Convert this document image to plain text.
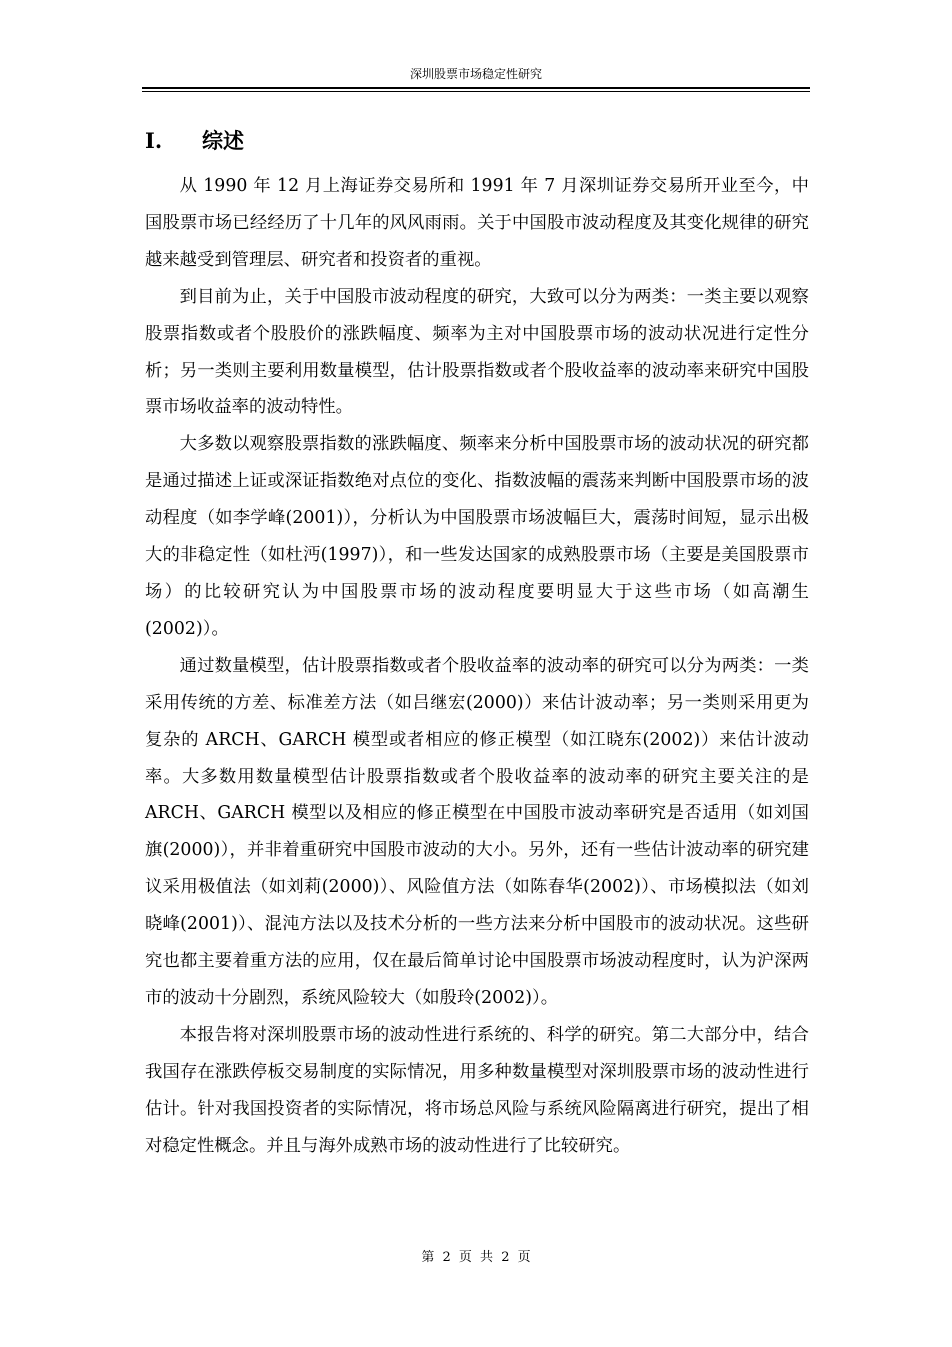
深圳股票市场稳定性研究
I. 综述

从 1990 年 12 月上海证券交易所和 1991 年 7 月深圳证券交易所开业至今，中国股票市场已经经历了十几年的风风雨雨。关于中国股市波动程度及其变化规律的研究越来越受到管理层、研究者和投资者的重视。

到目前为止，关于中国股市波动程度的研究，大致可以分为两类：一类主要以观察股票指数或者个股股价的涨跌幅度、频率为主对中国股票市场的波动状况进行定性分析；另一类则主要利用数量模型，估计股票指数或者个股收益率的波动率来研究中国股票市场收益率的波动特性。

大多数以观察股票指数的涨跌幅度、频率来分析中国股票市场的波动状况的研究都是通过描述上证或深证指数绝对点位的变化、指数波幅的震荡来判断中国股票市场的波动程度（如李学峰(2001)），分析认为中国股票市场波幅巨大，震荡时间短，显示出极大的非稳定性（如杜沔(1997)），和一些发达国家的成熟股票市场（主要是美国股票市场）的比较研究认为中国股票市场的波动程度要明显大于这些市场（如高潮生(2002)）。

通过数量模型，估计股票指数或者个股收益率的波动率的研究可以分为两类：一类采用传统的方差、标准差方法（如吕继宏(2000)）来估计波动率；另一类则采用更为复杂的 ARCH、GARCH 模型或者相应的修正模型（如江晓东(2002)）来估计波动率。大多数用数量模型估计股票指数或者个股收益率的波动率的研究主要关注的是 ARCH、GARCH 模型以及相应的修正模型在中国股市波动率研究是否适用（如刘国旗(2000)），并非着重研究中国股市波动的大小。另外，还有一些估计波动率的研究建议采用极值法（如刘莉(2000)）、风险值方法（如陈春华(2002)）、市场模拟法（如刘晓峰(2001)）、混沌方法以及技术分析的一些方法来分析中国股市的波动状况。这些研究也都主要着重方法的应用，仅在最后简单讨论中国股票市场波动程度时，认为沪深两市的波动十分剧烈，系统风险较大（如殷玲(2002)）。

本报告将对深圳股票市场的波动性进行系统的、科学的研究。第二大部分中，结合我国存在涨跌停板交易制度的实际情况，用多种数量模型对深圳股票市场的波动性进行估计。针对我国投资者的实际情况，将市场总风险与系统风险隔离进行研究，提出了相对稳定性概念。并且与海外成熟市场的波动性进行了比较研究。

第 2 页 共 2 页
